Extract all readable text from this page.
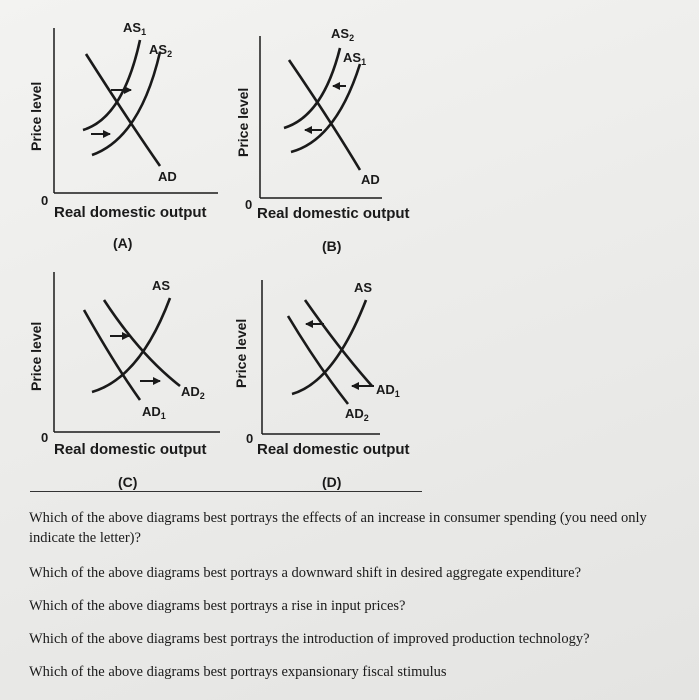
Price level
0
Real domestic output
(A)
$AS_1$
$AS_2$
AD
Price level
0
Real domestic output
(B)
$AS_2$
$AS_1$
AD
Price level
0
Real domestic output
(C)
AS
$AD_2$
$AD_1$
Price level
0
Real domestic output
(D)
AS
$AD_1$
$AD_2$
Which of the above diagrams best portrays the effects of an increase in consumer spending (you need only indicate the letter)?
Which of the above diagrams best portrays a downward shift in desired aggregate expenditure?
Which of the above diagrams best portrays a rise in input prices?
Which of the above diagrams best portrays the introduction of improved production technology?
Which of the above diagrams best portrays expansionary fiscal stimulus
